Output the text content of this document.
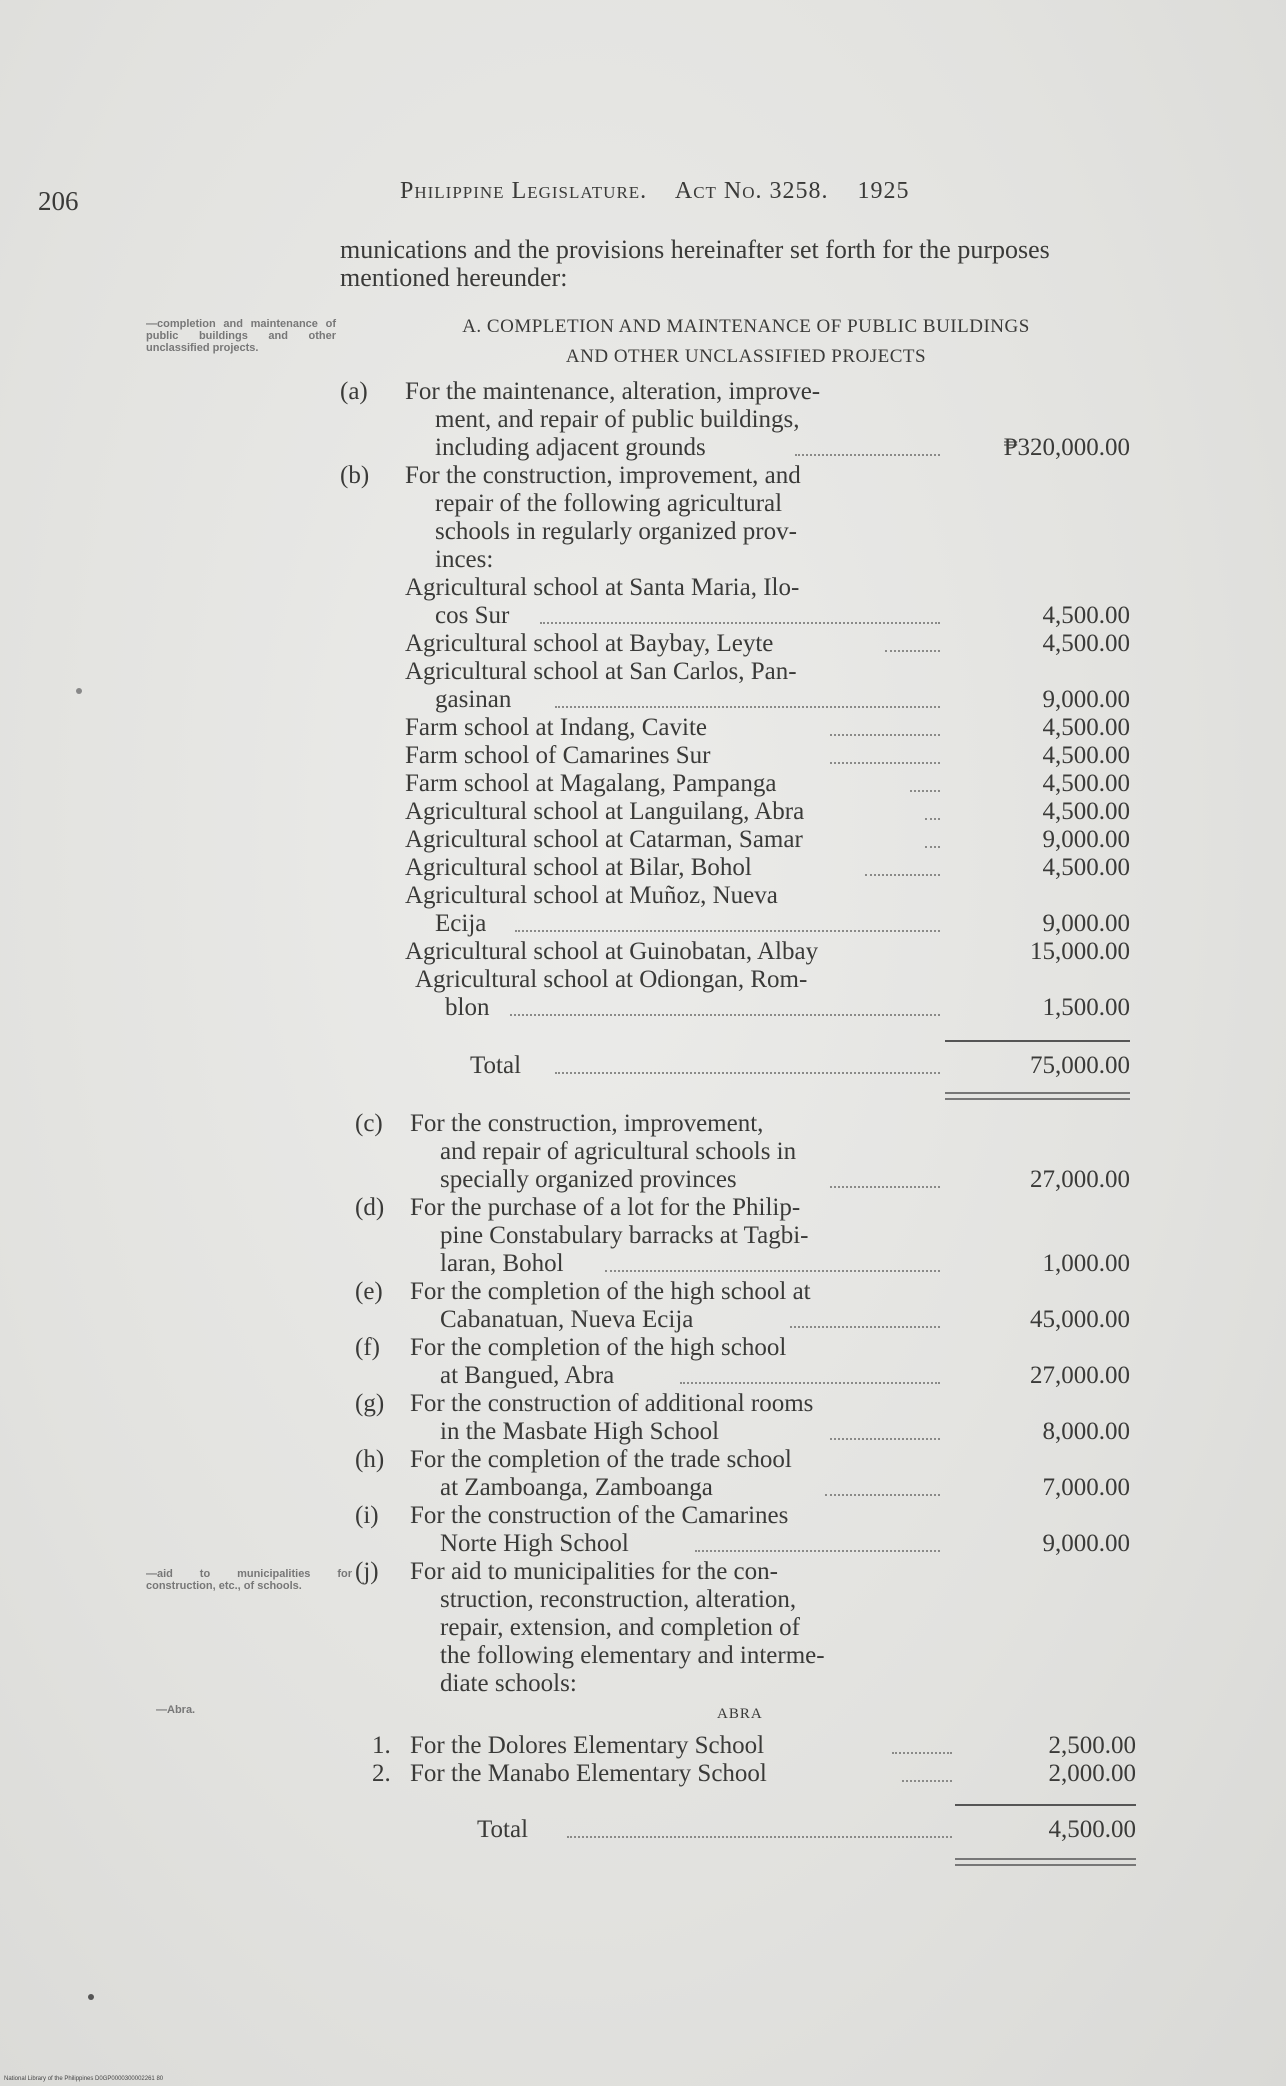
206	Philippine Legislature. Act No. 3258. 1925
munications and the provisions hereinafter set forth for the purposes mentioned hereunder:
—completion and maintenance of public buildings and other unclassified projects.
—aid to municipalities for construction, etc., of schools.
—Abra.
A. COMPLETION AND MAINTENANCE OF PUBLIC BUILDINGS
AND OTHER UNCLASSIFIED PROJECTS
(a) For the maintenance, alteration, improve-
ment, and repair of public buildings,
including adjacent grounds	₱320,000.00
(b) For the construction, improvement, and
repair of the following agricultural
schools in regularly organized prov-
inces:
Agricultural school at Santa Maria, Ilo-
cos Sur	4,500.00
Agricultural school at Baybay, Leyte	4,500.00
Agricultural school at San Carlos, Pan-
gasinan	9,000.00
Farm school at Indang, Cavite	4,500.00
Farm school of Camarines Sur	4,500.00
Farm school at Magalang, Pampanga	4,500.00
Agricultural school at Languilang, Abra	4,500.00
Agricultural school at Catarman, Samar	9,000.00
Agricultural school at Bilar, Bohol	4,500.00
Agricultural school at Muñoz, Nueva
Ecija	9,000.00
Agricultural school at Guinobatan, Albay	15,000.00
Agricultural school at Odiongan, Rom-
blon	1,500.00
Total	75,000.00
(c) For the construction, improvement,
and repair of agricultural schools in
specially organized provinces	27,000.00
(d) For the purchase of a lot for the Philip-
pine Constabulary barracks at Tagbi-
laran, Bohol	1,000.00
(e) For the completion of the high school at
Cabanatuan, Nueva Ecija	45,000.00
(f) For the completion of the high school
at Bangued, Abra	27,000.00
(g) For the construction of additional rooms
in the Masbate High School	8,000.00
(h) For the completion of the trade school
at Zamboanga, Zamboanga	7,000.00
(i) For the construction of the Camarines
Norte High School	9,000.00
(j) For aid to municipalities for the con-
struction, reconstruction, alteration,
repair, extension, and completion of
the following elementary and interme-
diate schools:
ABRA
1. For the Dolores Elementary School	2,500.00
2. For the Manabo Elementary School	2,000.00
Total	4,500.00
National Library of the Philippines D0GP0000300002261 80
